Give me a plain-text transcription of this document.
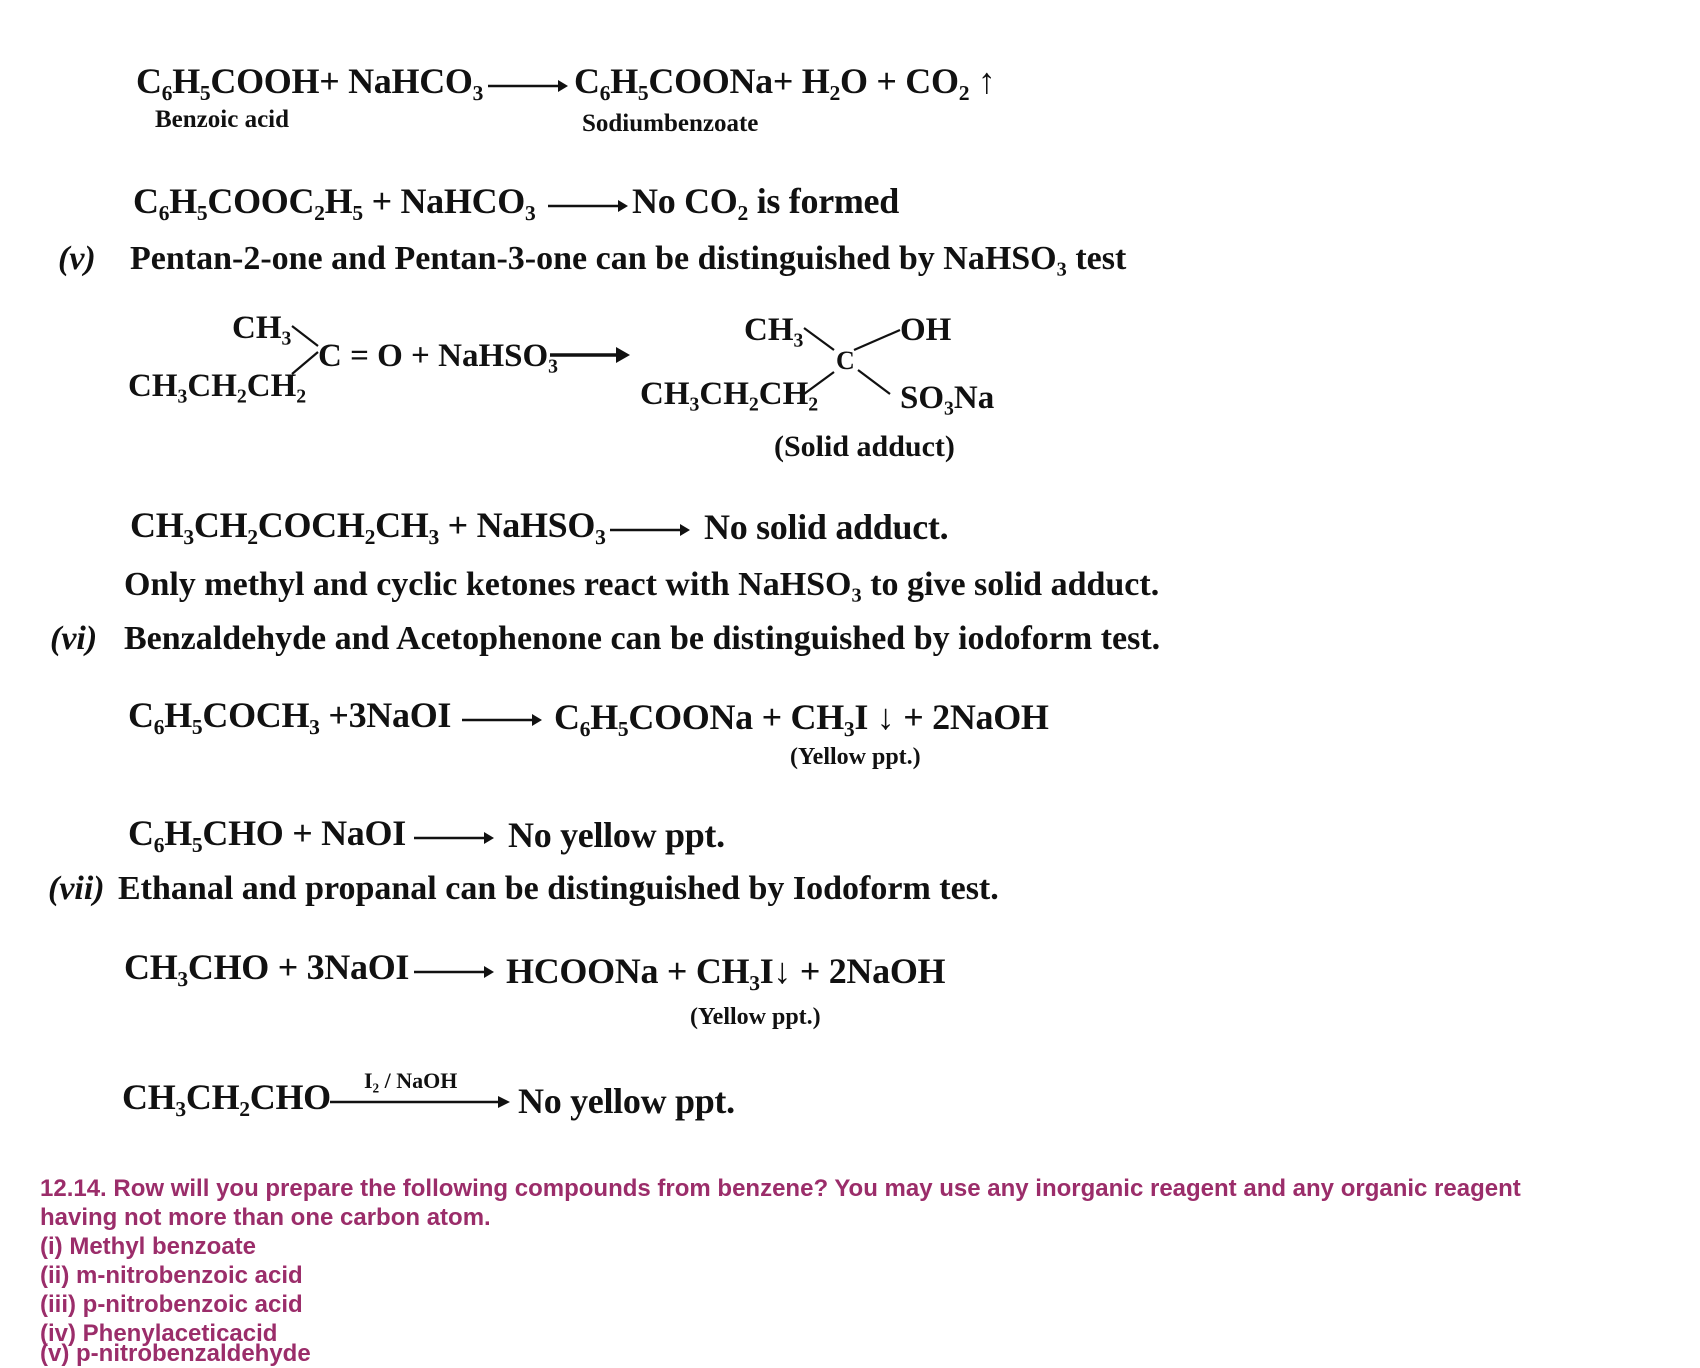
C₆H₅COOH+ NaHCO₃	C₆H₅COONa+ H₂O + CO₂ ↑
Benzoic acid	Sodiumbenzoate
C₆H₅COOC₂H₅ + NaHCO₃	No CO₂ is formed
(v) Pentan-2-one and Pentan-3-one can be distinguished by NaHSO₃ test
CH₃
CH₃CH₂CH₂
C = O + NaHSO₃
CH₃	OH
C
CH₃CH₂CH₂ SO₃Na
(Solid adduct)
CH₃CH₂COCH₂CH₃ + NaHSO₃	No solid adduct.
Only methyl and cyclic ketones react with NaHSO₃ to give solid adduct.
(vi) Benzaldehyde and Acetophenone can be distinguished by iodoform test.
C₆H₅COCH₃ +3NaOI	C₆H₅COONa + CH₃I ↓ + 2NaOH
(Yellow ppt.)
C₆H₅CHO + NaOI	No yellow ppt.
(vii) Ethanal and propanal can be distinguished by Iodoform test.
CH₃CHO + 3NaOI	HCOONa + CH₃I↓ + 2NaOH
(Yellow ppt.)
CH₃CH₂CHO I₂ / NaOH
No yellow ppt.
12.14. Row will you prepare the following compounds from benzene? You may use any inorganic reagent and any organic reagent
having not more than one carbon atom.
(i) Methyl benzoate
(ii) m-nitrobenzoic acid
(iii) p-nitrobenzoic acid
(iv) Phenylaceticacid
(v) p-nitrobenzaldehyde
